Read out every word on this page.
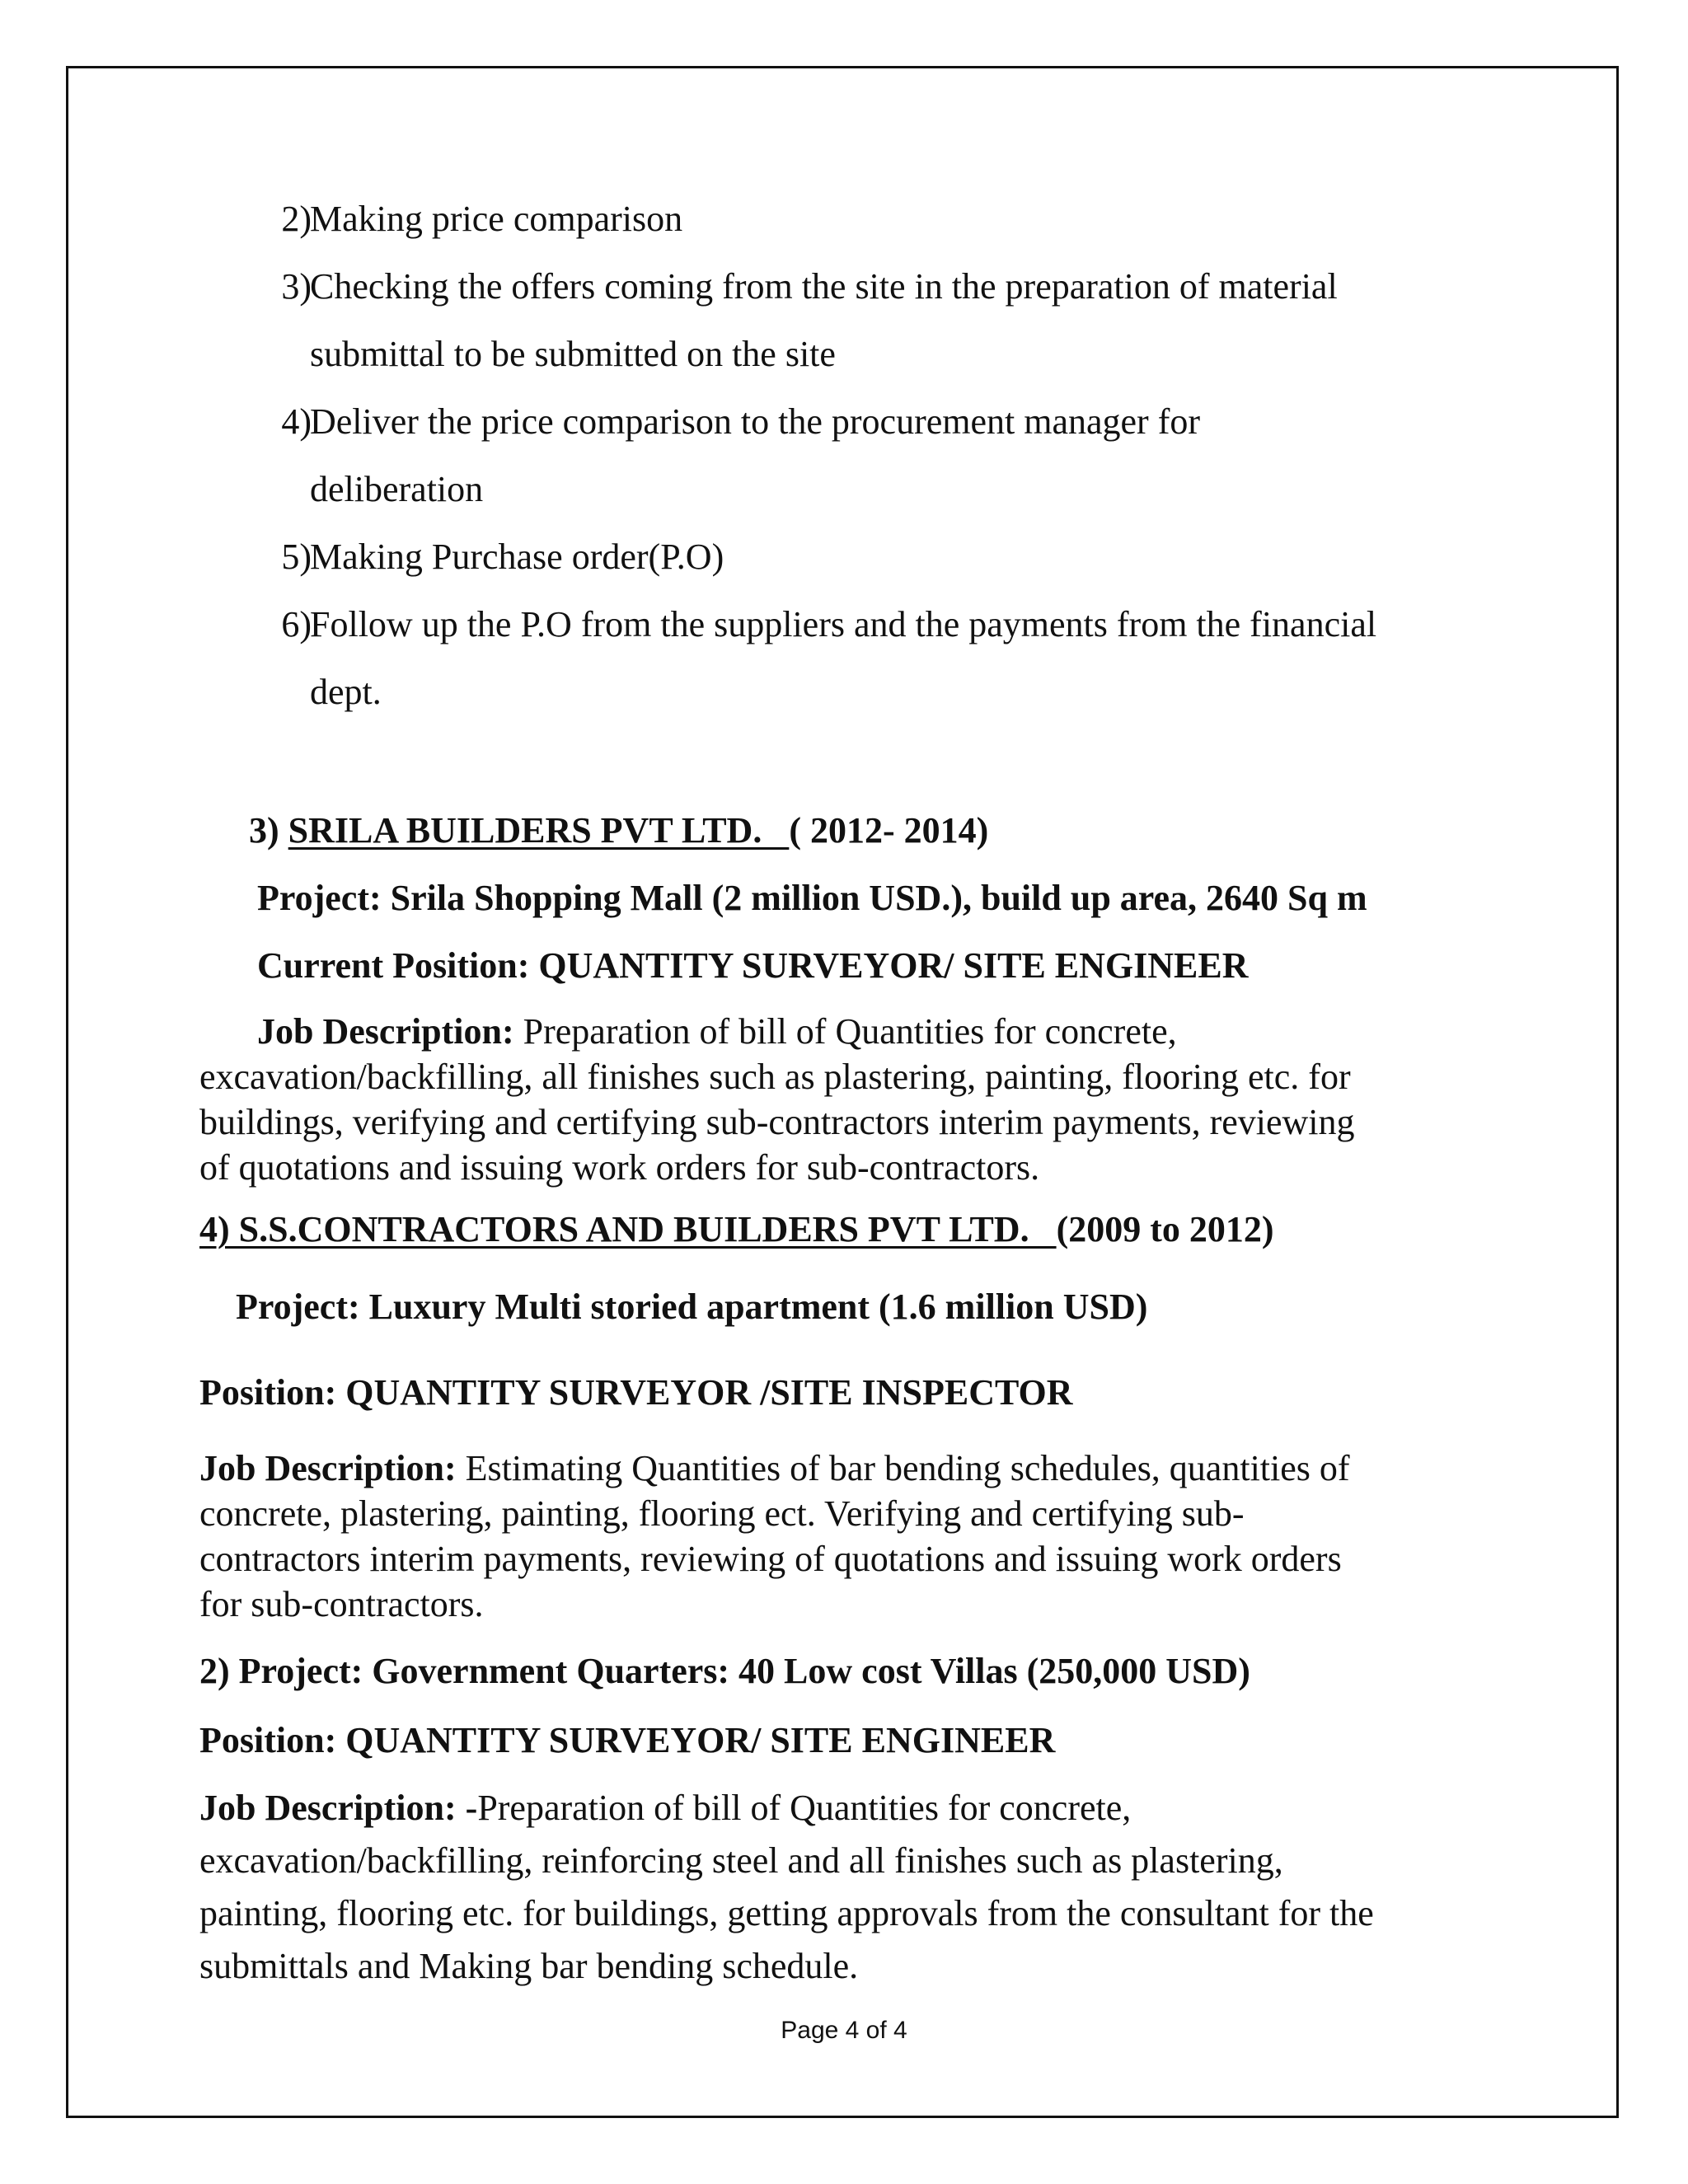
2)
Making price comparison
3)
Checking the offers coming from the site in the preparation of material
submittal to be submitted on the site
4)
Deliver the price comparison to the procurement manager for
deliberation
5)
Making Purchase order(P.O)
6)
Follow up the P.O from the suppliers and the payments from the financial
dept.
3) SRILA BUILDERS PVT LTD.   ( 2012- 2014)
Project: Srila Shopping Mall (2 million USD.), build up area, 2640 Sq m
Current Position: QUANTITY SURVEYOR/ SITE ENGINEER
Job Description: Preparation of bill of Quantities for concrete,
excavation/backfilling, all finishes such as plastering, painting, flooring etc. for
buildings, verifying and certifying sub-contractors interim payments, reviewing
of quotations and issuing work orders for sub-contractors.
4) S.S.CONTRACTORS AND BUILDERS PVT LTD.   (2009 to 2012)
Project: Luxury Multi storied apartment (1.6 million USD)
Position: QUANTITY SURVEYOR /SITE INSPECTOR
Job Description: Estimating Quantities of bar bending schedules, quantities of
concrete, plastering, painting, flooring ect. Verifying and certifying sub-
contractors interim payments, reviewing of quotations and issuing work orders
for sub-contractors.
2) Project: Government Quarters: 40 Low cost Villas (250,000 USD)
Position: QUANTITY SURVEYOR/ SITE ENGINEER
Job Description: -Preparation of bill of Quantities for concrete,
excavation/backfilling, reinforcing steel and all finishes such as plastering,
painting, flooring etc. for buildings, getting approvals from the consultant for the
submittals and Making bar bending schedule.
Page 4 of 4
